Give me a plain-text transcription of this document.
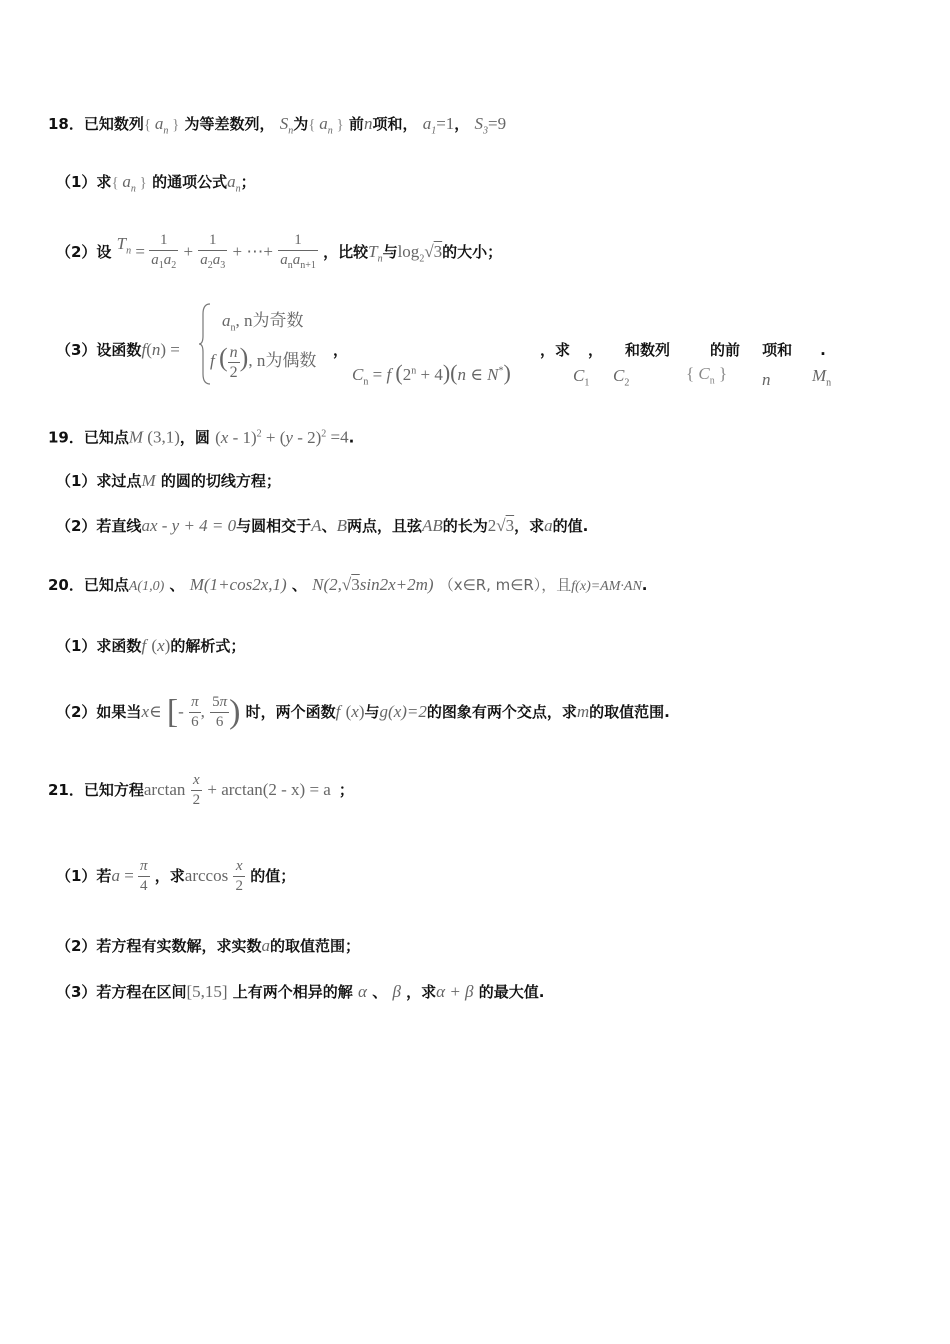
18．已知数列{ $a_n$ } 为等差数列， $S_n$为{ $a_n$ } 前n项和， $a_1=1$， $S_3=9$
（1）求{ $a_n$ } 的通项公式$a_n$；
（2）设 $T_n = \frac{1}{a_1a_2} + \frac{1}{a_2a_3}$ + ⋯+ $\frac{1}{a_na_{n+1}}$ ，比较$T_n$与$\log_2√3$的大小；
（3）设函数f(n) =
$a_n$, n为奇数
f ( $\frac{n}{2}$ ), n为偶数
，
$C_n = f$ $(2^n + 4)(n$ ∈ N*)
，求 ， 和数列	的前 项和 .
$C_1$ $C_2$	{ $C_n$ } n $M_n$
19．已知点M (3,1)，圆 (x - 1)$^2$ + (y - 2)$^2$ =4.
（1）求过点M 的圆的切线方程；
（2）若直线ax - y + 4 = 0与圆相交于A、B两点，且弦AB的长为2√3，求a的值.
20．已知点A(1,0) 、 M(1+cos2x,1) 、 N(2,√3sin2x+2m) （x∈R, m∈R），且f(x)=AM·AN.
（1）求函数f (x)的解析式；
（2）如果当x∈ [- $\frac{\pi}{6}$ , $\frac{5\pi}{6}$ ) 时，两个函数f (x)与g(x)=2的图象有两个交点，求m的取值范围.
21．已知方程$\arctan \frac{x}{2} + \arctan(2 - x) = a$ ；
（1）若$a = \frac{\pi}{4}$ ，求$\arccos \frac{x}{2}$ 的值；
（2）若方程有实数解，求实数a的取值范围；
（3）若方程在区间[5,15] 上有两个相异的解 α 、 β ，求α + β 的最大值.
